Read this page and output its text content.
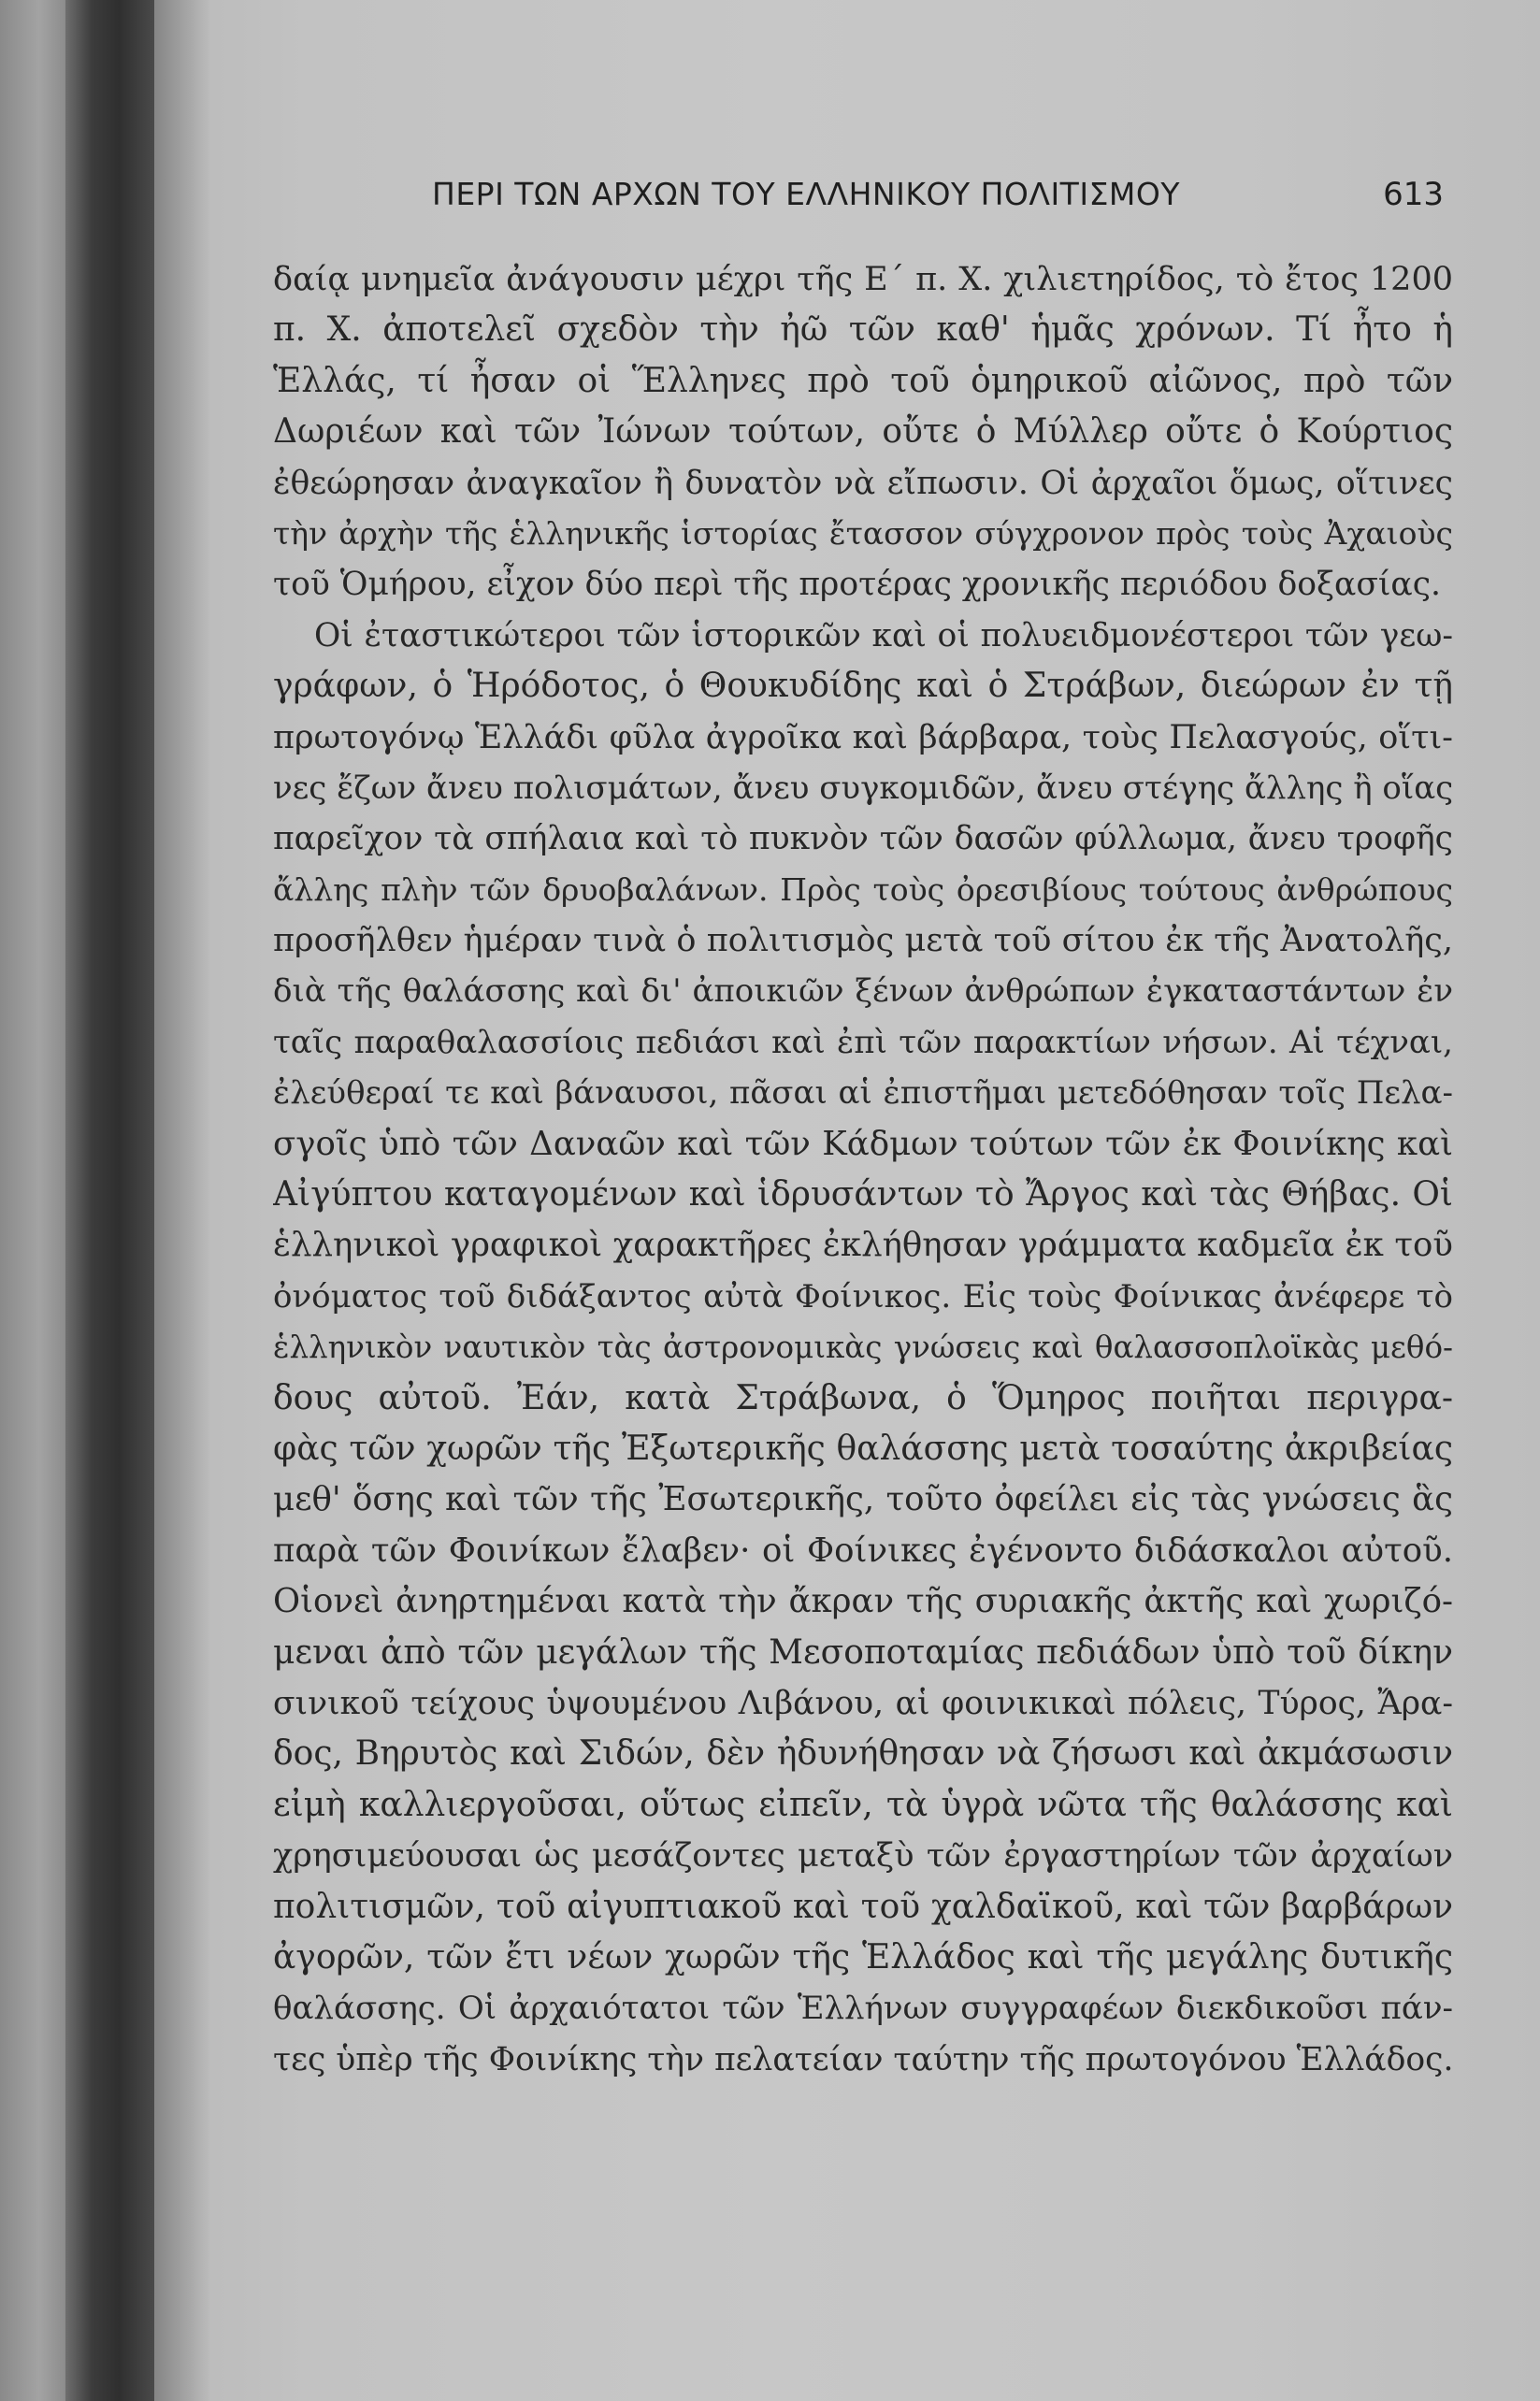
ΠΕΡΙ ΤΩΝ ΑΡΧΩΝ ΤΟΥ ΕΛΛΗΝΙΚΟΥ ΠΟΛΙΤΙΣΜΟΥ	613
δαίᾳ μνημεῖα ἀνάγουσιν μέχρι τῆς Ε΄ π. Χ. χιλιετηρίδος, τὸ ἔτος 1200
π. Χ. ἀποτελεῖ σχεδὸν τὴν ἠῶ τῶν καθ' ἡμᾶς χρόνων. Τί ἦτο ἡ
Ἑλλάς, τί ἦσαν οἱ Ἕλληνες πρὸ τοῦ ὁμηρικοῦ αἰῶνος, πρὸ τῶν
Δωριέων καὶ τῶν Ἰώνων τούτων, οὔτε ὁ Μύλλερ οὔτε ὁ Κούρτιος
ἐθεώρησαν ἀναγκαῖον ἢ δυνατὸν νὰ εἴπωσιν. Οἱ ἀρχαῖοι ὅμως, οἵτινες
τὴν ἀρχὴν τῆς ἑλληνικῆς ἱστορίας ἔτασσον σύγχρονον πρὸς τοὺς Ἀχαιοὺς
τοῦ Ὁμήρου, εἶχον δύο περὶ τῆς προτέρας χρονικῆς περιόδου δοξασίας.
Οἱ ἐταστικώτεροι τῶν ἱστορικῶν καὶ οἱ πολυειδμονέστεροι τῶν γεω-
γράφων, ὁ Ἡρόδοτος, ὁ Θουκυδίδης καὶ ὁ Στράβων, διεώρων ἐν τῇ
πρωτογόνῳ Ἑλλάδι φῦλα ἀγροῖκα καὶ βάρβαρα, τοὺς Πελασγούς, οἵτι-
νες ἔζων ἄνευ πολισμάτων, ἄνευ συγκομιδῶν, ἄνευ στέγης ἄλλης ἢ οἵας
παρεῖχον τὰ σπήλαια καὶ τὸ πυκνὸν τῶν δασῶν φύλλωμα, ἄνευ τροφῆς
ἄλλης πλὴν τῶν δρυοβαλάνων. Πρὸς τοὺς ὀρεσιβίους τούτους ἀνθρώπους
προσῆλθεν ἡμέραν τινὰ ὁ πολιτισμὸς μετὰ τοῦ σίτου ἐκ τῆς Ἀνατολῆς,
διὰ τῆς θαλάσσης καὶ δι' ἀποικιῶν ξένων ἀνθρώπων ἐγκαταστάντων ἐν
ταῖς παραθαλασσίοις πεδιάσι καὶ ἐπὶ τῶν παρακτίων νήσων. Αἱ τέχναι,
ἐλεύθεραί τε καὶ βάναυσοι, πᾶσαι αἱ ἐπιστῆμαι μετεδόθησαν τοῖς Πελα-
σγοῖς ὑπὸ τῶν Δαναῶν καὶ τῶν Κάδμων τούτων τῶν ἐκ Φοινίκης καὶ
Αἰγύπτου καταγομένων καὶ ἱδρυσάντων τὸ Ἄργος καὶ τὰς Θήβας. Οἱ
ἑλληνικοὶ γραφικοὶ χαρακτῆρες ἐκλήθησαν γράμματα καδμεῖα ἐκ τοῦ
ὀνόματος τοῦ διδάξαντος αὐτὰ Φοίνικος. Εἰς τοὺς Φοίνικας ἀνέφερε τὸ
ἑλληνικὸν ναυτικὸν τὰς ἀστρονομικὰς γνώσεις καὶ θαλασσοπλοϊκὰς μεθό-
δους αὐτοῦ. Ἐάν, κατὰ Στράβωνα, ὁ Ὅμηρος ποιῆται περιγρα-
φὰς τῶν χωρῶν τῆς Ἐξωτερικῆς θαλάσσης μετὰ τοσαύτης ἀκριβείας
μεθ' ὅσης καὶ τῶν τῆς Ἐσωτερικῆς, τοῦτο ὀφείλει εἰς τὰς γνώσεις ἃς
παρὰ τῶν Φοινίκων ἔλαβεν· οἱ Φοίνικες ἐγένοντο διδάσκαλοι αὐτοῦ.
Οἱονεὶ ἀνηρτημέναι κατὰ τὴν ἄκραν τῆς συριακῆς ἀκτῆς καὶ χωριζό-
μεναι ἀπὸ τῶν μεγάλων τῆς Μεσοποταμίας πεδιάδων ὑπὸ τοῦ δίκην
σινικοῦ τείχους ὑψουμένου Λιβάνου, αἱ φοινικικαὶ πόλεις, Τύρος, Ἄρα-
δος, Βηρυτὸς καὶ Σιδών, δὲν ἠδυνήθησαν νὰ ζήσωσι καὶ ἀκμάσωσιν
εἰμὴ καλλιεργοῦσαι, οὕτως εἰπεῖν, τὰ ὑγρὰ νῶτα τῆς θαλάσσης καὶ
χρησιμεύουσαι ὡς μεσάζοντες μεταξὺ τῶν ἐργαστηρίων τῶν ἀρχαίων
πολιτισμῶν, τοῦ αἰγυπτιακοῦ καὶ τοῦ χαλδαϊκοῦ, καὶ τῶν βαρβάρων
ἀγορῶν, τῶν ἔτι νέων χωρῶν τῆς Ἑλλάδος καὶ τῆς μεγάλης δυτικῆς
θαλάσσης. Οἱ ἀρχαιότατοι τῶν Ἑλλήνων συγγραφέων διεκδικοῦσι πάν-
τες ὑπὲρ τῆς Φοινίκης τὴν πελατείαν ταύτην τῆς πρωτογόνου Ἑλλάδος.
